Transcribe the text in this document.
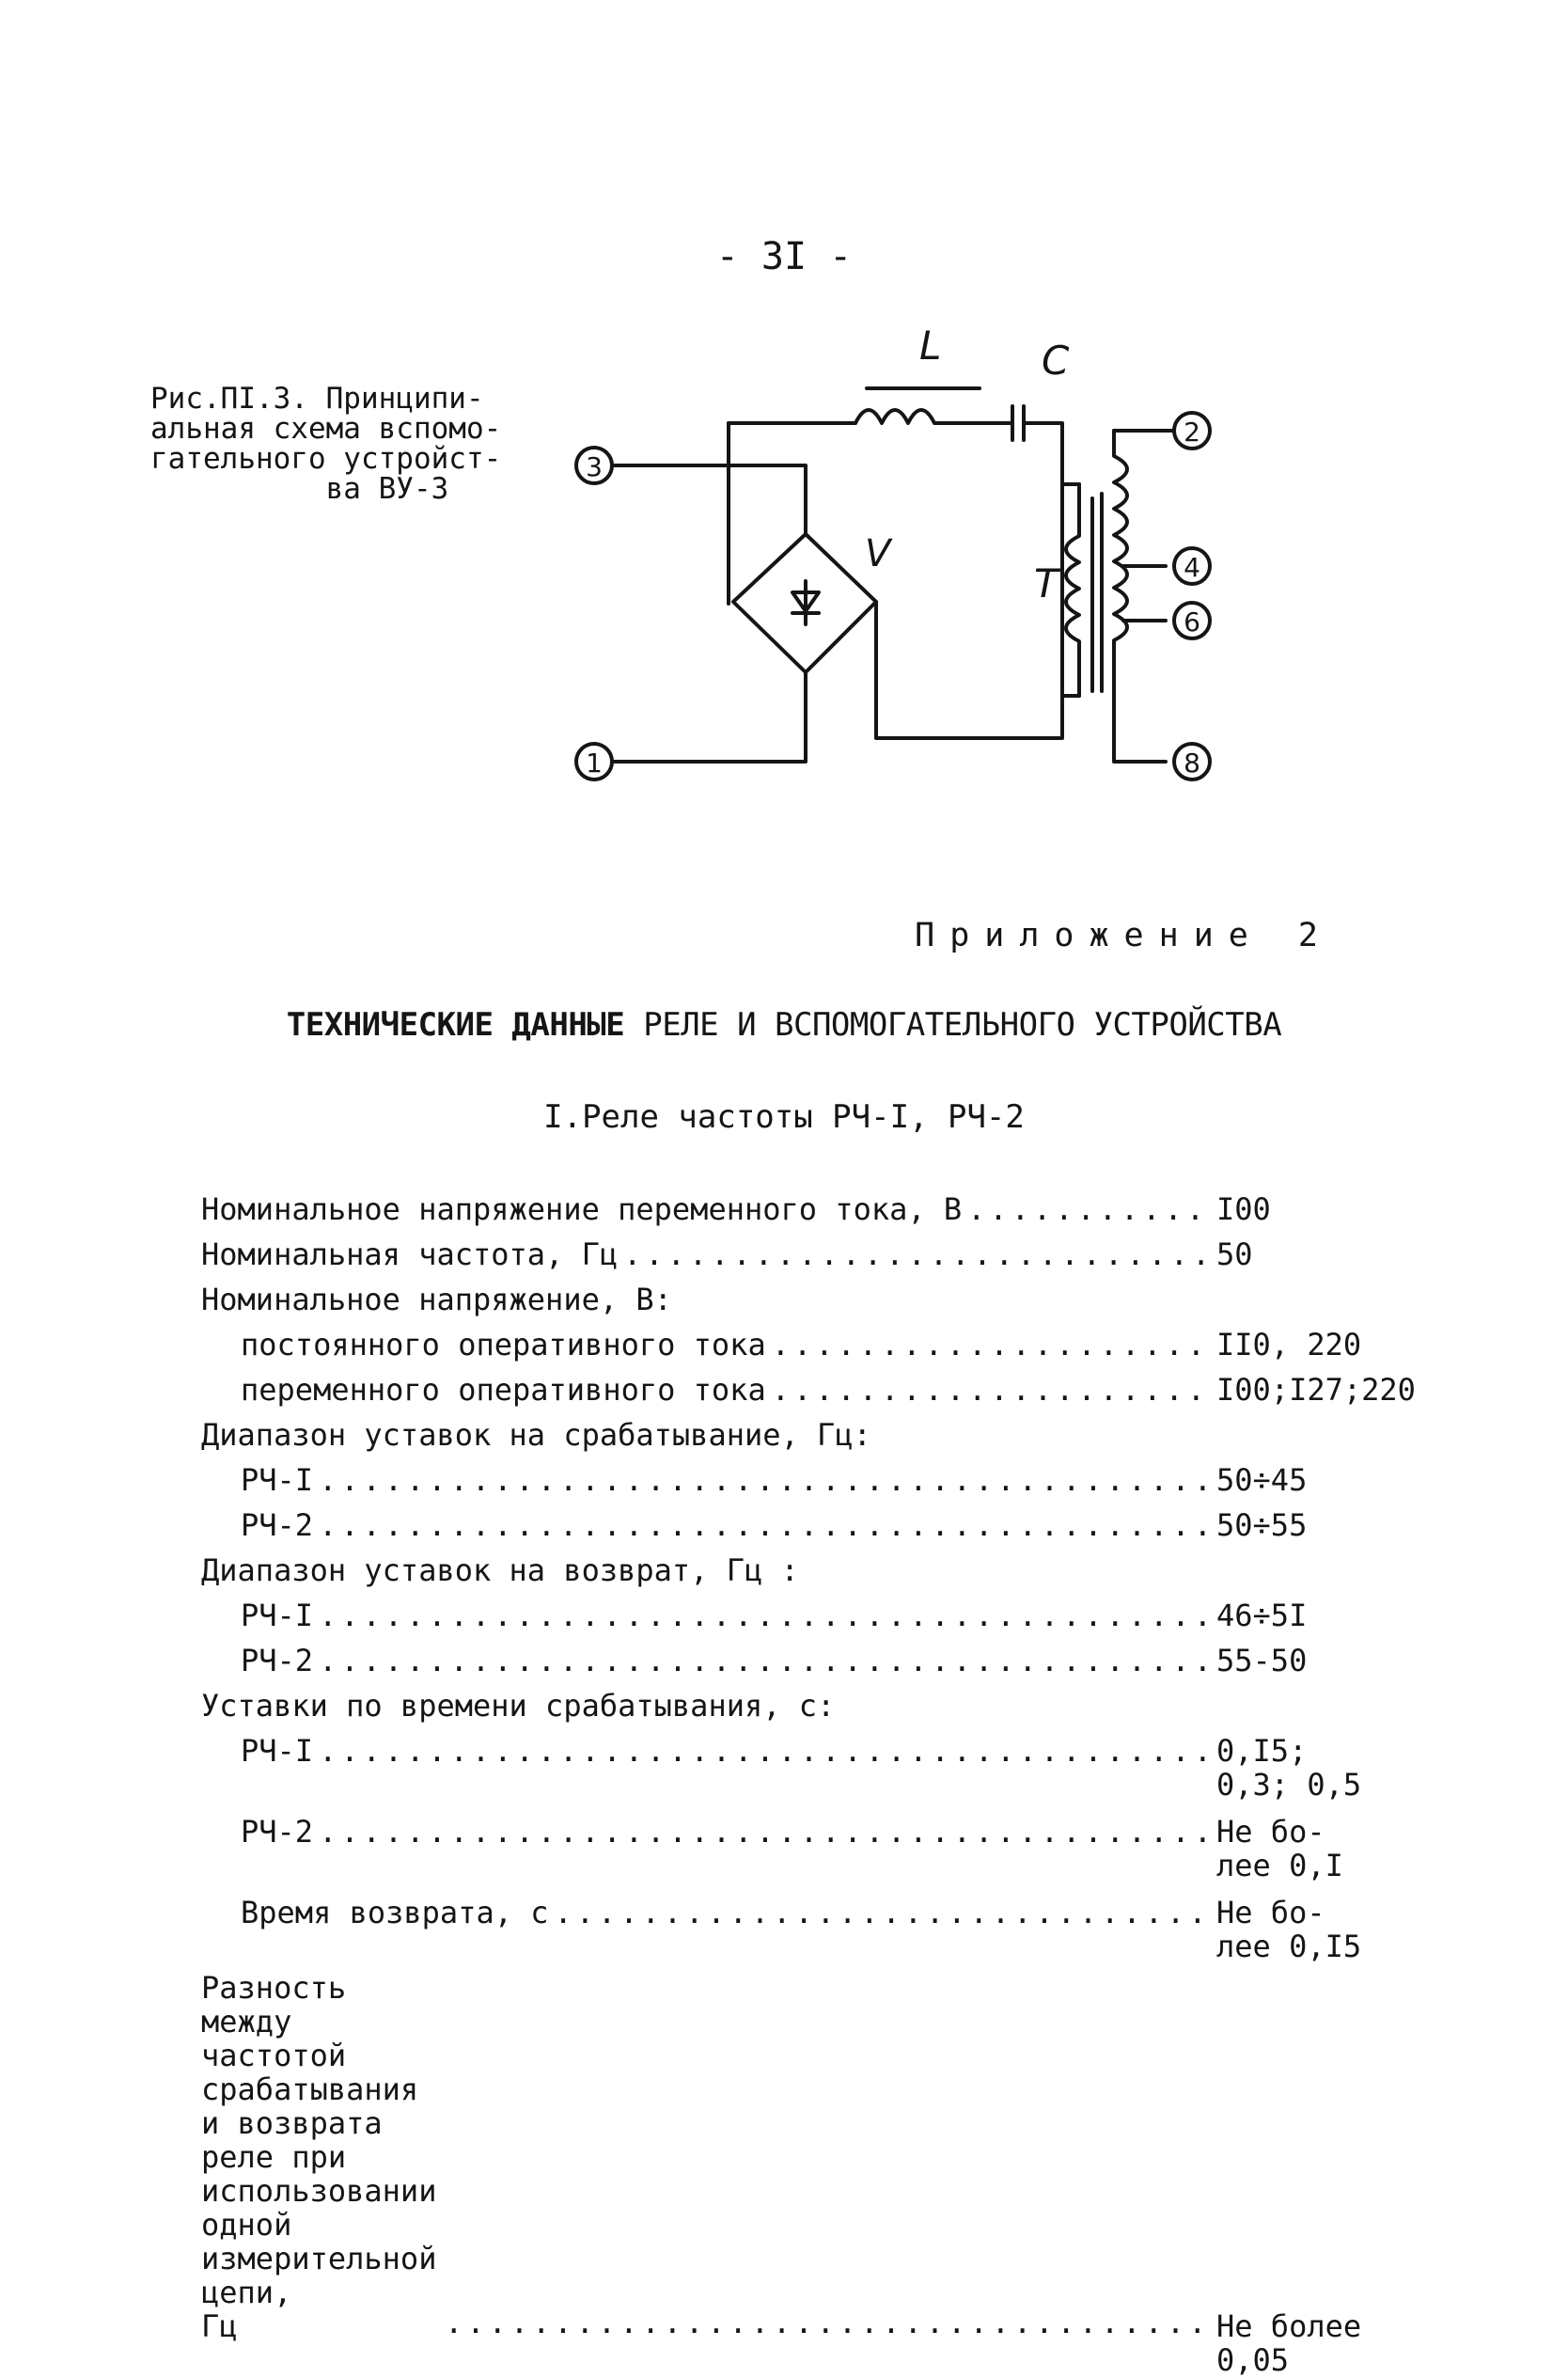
- 3I -
Рис.ПI.3. Принципи-
альная схема вспомо-
гательного устройст-
ва ВУ-3
3
1
2
4
6
8
L	C
V
T
Приложение 2
ТЕХНИЧЕСКИЕ ДАННЫЕ РЕЛЕ И ВСПОМОГАТЕЛЬНОГО УСТРОЙСТВА
I.Реле частоты РЧ-I, РЧ-2
Номинальное напряжение переменного тока, В .....	I00
Номинальная частота, Гц .....	50
Номинальное напряжение, В:
постоянного оперативного тока .....	II0, 220
переменного оперативного тока .....	I00;I27;220
Диапазон уставок на срабатывание, Гц:
РЧ-I .....	50÷45
РЧ-2 .....	50÷55
Диапазон уставок на возврат, Гц :
РЧ-I .....	46÷5I
РЧ-2 .....	55-50
Уставки по времени срабатывания, с:
РЧ-I .....	0,I5;
0,3; 0,5
РЧ-2 .....	Не бо-
лее 0,I
Время возврата, с .....	Не бо-
лее 0,I5
Разность между частотой срабатывания и возврата
реле при использовании одной измерительной цепи,
Гц .....	Не более
0,05
